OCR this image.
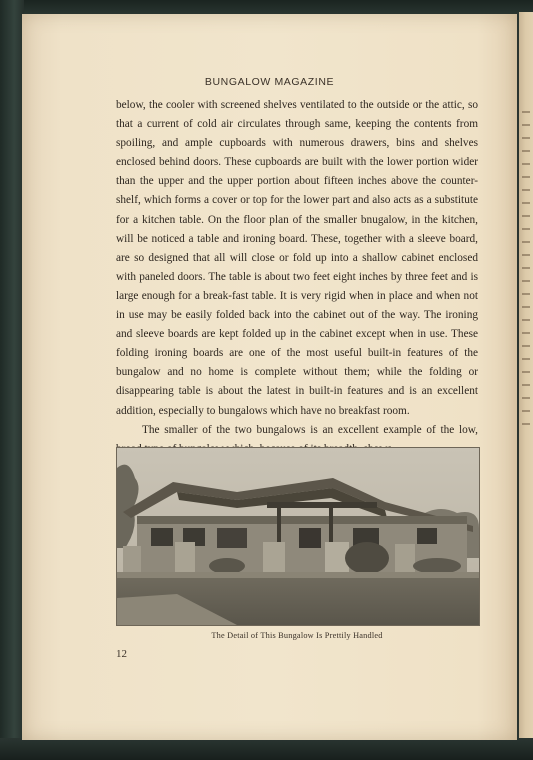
BUNGALOW MAGAZINE

below, the cooler with screened shelves ventilated to the outside or the attic, so that a current of cold air circulates through same, keeping the contents from spoiling, and ample cupboards with numerous drawers, bins and shelves enclosed behind doors. These cupboards are built with the lower portion wider than the upper and the upper portion about fifteen inches above the counter-shelf, which forms a cover or top for the lower part and also acts as a substitute for a kitchen table. On the floor plan of the smaller bnugalow, in the kitchen, will be noticed a table and ironing board. These, together with a sleeve board, are so designed that all will close or fold up into a shallow cabinet enclosed with paneled doors. The table is about two feet eight inches by three feet and is large enough for a break-fast table. It is very rigid when in place and when not in use may be easily folded back into the cabinet out of the way. The ironing and sleeve boards are kept folded up in the cabinet except when in use. These folding ironing boards are one of the most useful built-in features of the bungalow and no home is complete without them; while the folding or disappearing table is about the latest in built-in features and is an excellent addition, especially to bungalows which have no breakfast room.

The smaller of the two bungalows is an excellent example of the low,

The Detail of This Bungalow Is Prettily Handled
12
